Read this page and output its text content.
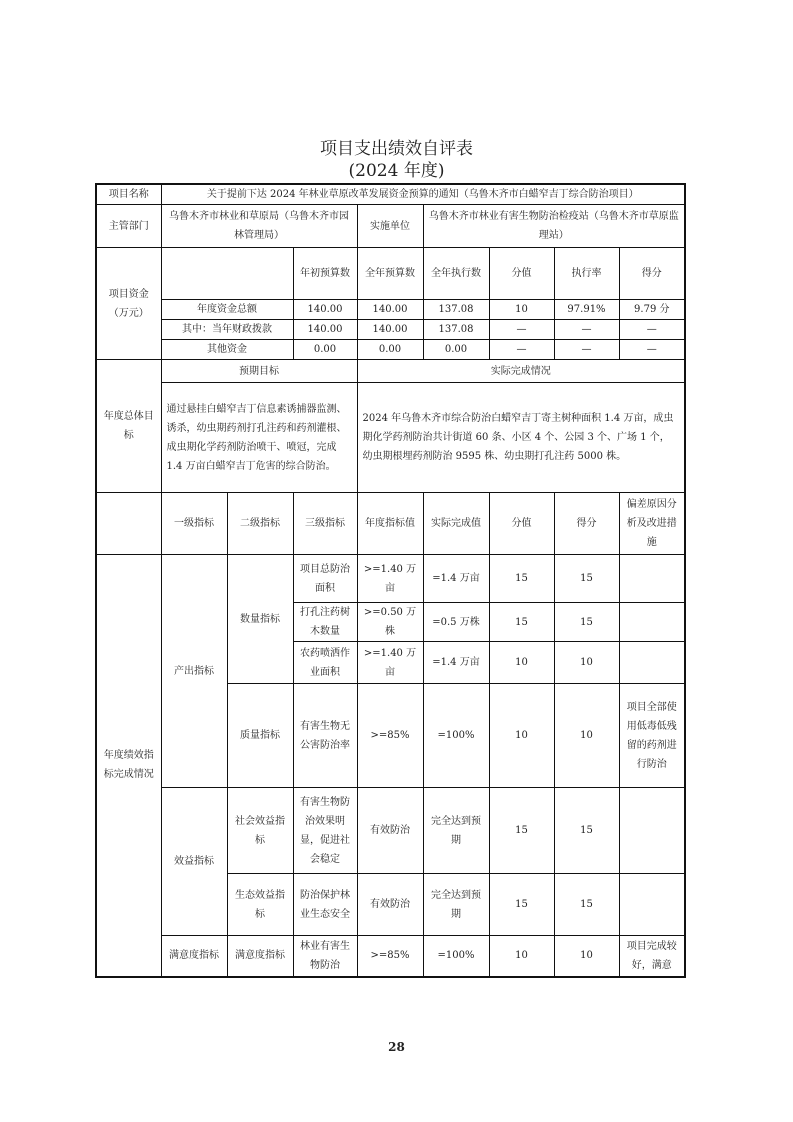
项目支出绩效自评表
(2024 年度)
项目名称	关于提前下达 2024 年林业草原改革发展资金预算的通知（乌鲁木齐市白蜡窄吉丁综合防治项目）							
主管部门	乌鲁木齐市林业和草原局（乌鲁木齐市园林管理局）			实施单位	乌鲁木齐市林业有害生物防治检疫站（乌鲁木齐市草原监理站）			
项目资金（万元）			年初预算数	全年预算数	全年执行数	分值	执行率	得分
	年度资金总额		140.00	140.00	137.08	10	97.91%	9.79 分
	其中：当年财政拨款		140.00	140.00	137.08	—	—	—
	其他资金		0.00	0.00	0.00	—	—	—
年度总体目标	预期目标			实际完成情况				
	通过悬挂白蜡窄吉丁信息素诱捕器监测、诱杀，幼虫期药剂打孔注药和药剂灌根、成虫期化学药剂防治喷干、喷冠，完成 1.4 万亩白蜡窄吉丁危害的综合防治。			2024 年乌鲁木齐市综合防治白蜡窄吉丁寄主树种面积 1.4 万亩，成虫期化学药剂防治共计街道 60 条、小区 4 个、公园 3 个、广场 1 个，幼虫期根埋药剂防治 9595 株、幼虫期打孔注药 5000 株。				
	一级指标	二级指标	三级指标	年度指标值	实际完成值	分值	得分	偏差原因分析及改进措施
年度绩效指标完成情况	产出指标	数量指标	项目总防治面积	>=1.40 万亩	=1.4 万亩	15	15	
			打孔注药树木数量	>=0.50 万株	=0.5 万株	15	15	
			农药喷洒作业面积	>=1.40 万亩	=1.4 万亩	10	10	
		质量指标	有害生物无公害防治率	>=85%	=100%	10	10	项目全部使用低毒低残留的药剂进行防治
	效益指标	社会效益指标	有害生物防治效果明显，促进社会稳定	有效防治	完全达到预期	15	15	
		生态效益指标	防治保护林业生态安全	有效防治	完全达到预期	15	15	
	满意度指标	满意度指标	林业有害生物防治	>=85%	=100%	10	10	项目完成较好，满意
28
